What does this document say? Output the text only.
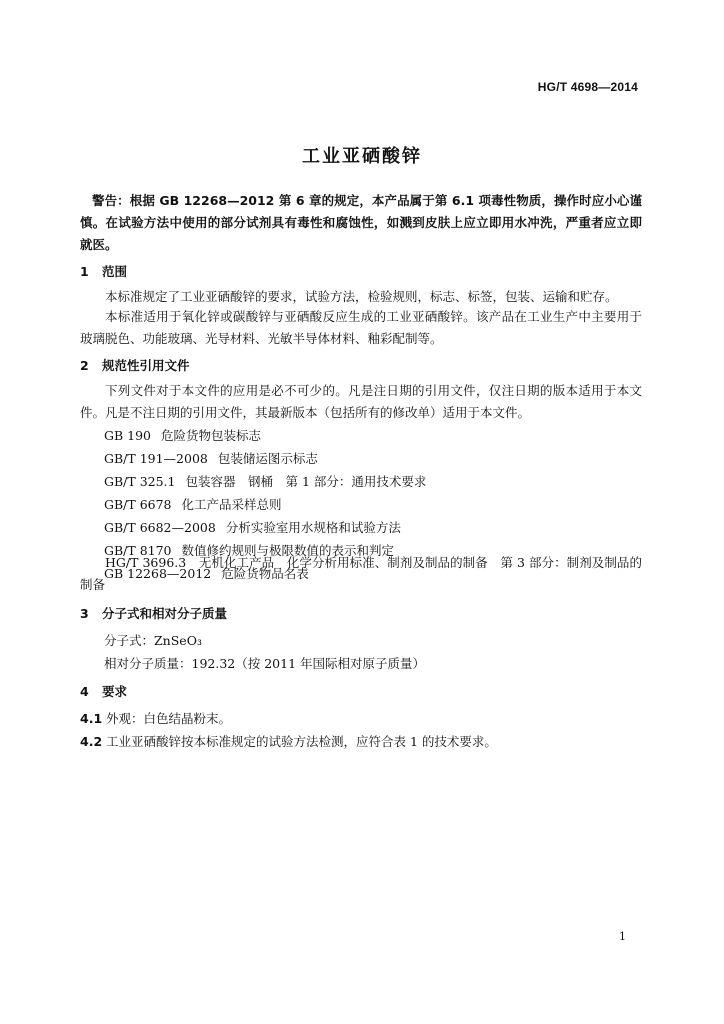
HG/T 4698—2014
工业亚硒酸锌
警告：根据 GB 12268—2012 第 6 章的规定，本产品属于第 6.1 项毒性物质，操作时应小心谨慎。在试验方法中使用的部分试剂具有毒性和腐蚀性，如溅到皮肤上应立即用水冲洗，严重者应立即就医。
1 范围
本标准规定了工业亚硒酸锌的要求，试验方法，检验规则，标志、标签，包装、运输和贮存。
本标准适用于氧化锌或碳酸锌与亚硒酸反应生成的工业亚硒酸锌。该产品在工业生产中主要用于玻璃脱色、功能玻璃、光导材料、光敏半导体材料、釉彩配制等。
2 规范性引用文件
下列文件对于本文件的应用是必不可少的。凡是注日期的引用文件，仅注日期的版本适用于本文件。凡是不注日期的引用文件，其最新版本（包括所有的修改单）适用于本文件。
GB 190 危险货物包装标志
GB/T 191—2008 包装储运图示标志
GB/T 325.1 包装容器　钢桶　第 1 部分：通用技术要求
GB/T 6678 化工产品采样总则
GB/T 6682—2008 分析实验室用水规格和试验方法
GB/T 8170 数值修约规则与极限数值的表示和判定
GB 12268—2012 危险货物品名表
HG/T 3696.3　无机化工产品　化学分析用标准、制剂及制品的制备　第 3 部分：制剂及制品的制备
3 分子式和相对分子质量
分子式：ZnSeO₃
相对分子质量：192.32（按 2011 年国际相对原子质量）
4 要求
4.1 外观：白色结晶粉末。
4.2 工业亚硒酸锌按本标准规定的试验方法检测，应符合表 1 的技术要求。
1
